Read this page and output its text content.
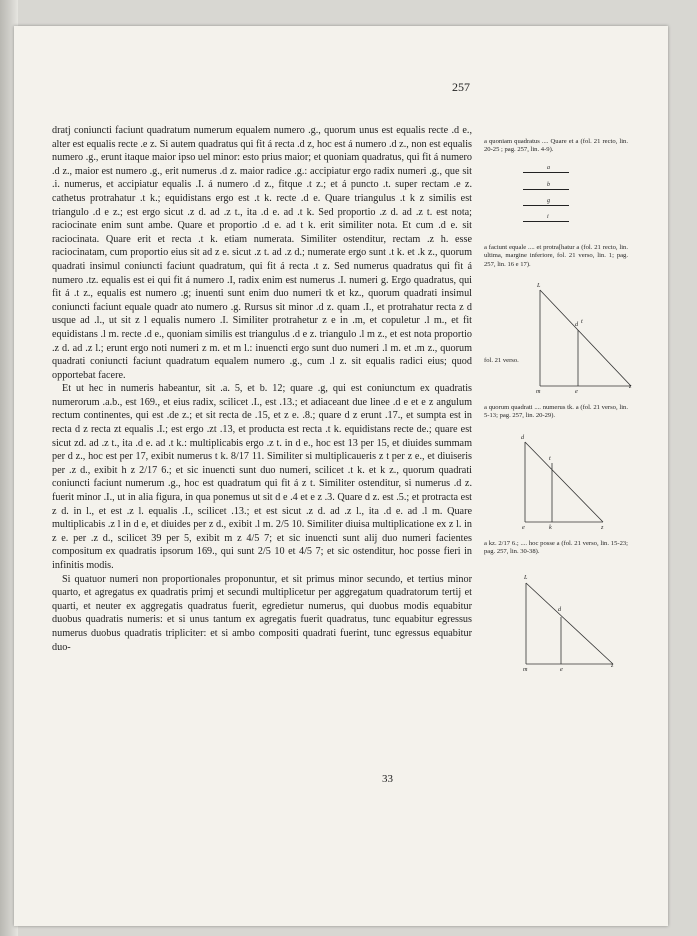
257

dratj coniuncti faciunt quadratum numerum equalem numero .g., quorum unus est equalis recte .d e., alter est equalis recte .e z. Si autem quadratus qui fit á recta .d z, hoc est á numero .d z., non est equalis numero .g., erunt itaque maior ipso uel minor: esto prius maior; et quoniam quadratus, qui fit á numero .d z., maior est numero .g., erit numerus .d z. maior radice .g.: accipiatur ergo radix numeri .g., que sit .i. numerus, et accipiatur equalis .I. á numero .d z., fitque .t z.; et á puncto .t. super rectam .e z. cathetus protrahatur .t k.; equidistans ergo est .t k. recte .d e. Quare triangulus .t k z similis est triangulo .d e z.; est ergo sicut .z d. ad .z t., ita .d e. ad .t k. Sed proportio .z d. ad .z t. est nota; raciocinate enim sunt ambe. Quare et proportio .d e. ad t k. erit similiter nota. Et cum .d e. sit raciocinata. Quare erit et recta .t k. etiam numerata. Similiter ostenditur, rectam .z h. esse raciocinatam, cum proportio eius sit ad z e. sicut .z t. ad .z d.; numerate ergo sunt .t k. et .k z., quorum quadrati insimul coniuncti faciunt quadratum, qui fit á recta .t z. Sed numerus quadratus qui fit á numero .tz. equalis est ei qui fit á numero .I, radix enim est numerus .I. numeri g. Ergo quadratus, qui fit á .t z., equalis est numero .g; inuenti sunt enim duo numeri tk et kz., quorum quadrati insimul coniuncti faciunt equale quadr ato numero .g. Rursus sit minor .d z. quam .I., et protrahatur recta z d usque ad .l., ut sit z l equalis numero .I. Similiter protrahetur z e in .m, et copuletur .l m., et fit equidistans .l m. recte .d e., quoniam similis est triangulus .d e z. triangulo .l m z., et est nota proportio .z d. ad .z l.; erunt ergo noti numeri z m. et m l.: inuencti ergo sunt duo numeri .l m. et .m z., quorum quadrati coniuncti faciunt quadratum equalem numero .g., cum .l z. sit equalis radici eius; quod opportebat facere.

Et ut hec in numeris habeantur, sit .a. 5, et b. 12; quare .g, qui est coniunctum ex quadratis numerorum .a.b., est 169., et eius radix, scilicet .I., est .13.; et adiaceant due linee .d e et e z angulum rectum continentes, qui est .de z.; et sit recta de .15, et z e. .8.; quare d z erunt .17., et sumpta est in recta d z recta zt equalis .I.; est ergo .zt .13, et producta est recta .t k. equidistans recte de.; quare est sicut zd. ad .z t., ita .d e. ad .t k.: multiplicabis ergo .z t. in d e., hoc est 13 per 15, et diuides summam per d z., hoc est per 17, exibit numerus t k. 8/17 11. Similiter si multiplicaueris z t per z e., et diuiseris per .z d., exibit h z 2/17 6.; et sic inuencti sunt duo numeri, scilicet .t k. et k z., quorum quadrati coniuncti faciunt numerum .g., hoc est quadratum qui fit á z t. Similiter ostenditur, si numerus .d z. fuerit minor .I., ut in alia figura, in qua ponemus ut sit d e .4 et e z .3. Quare d z. est .5.; et protracta est z d. in l., et est .z l. equalis .I., scilicet .13.; et est sicut .z d. ad .z l., ita .d e. ad .l m. Quare multiplicabis .z l in d e, et diuides per z d., exibit .l m. 2/5 10. Similiter diuisa multiplicatione ex z l. in z e. per .z d., scilicet 39 per 5, exibit m z 4/5 7; et sic inuencti sunt alij duo numeri facientes compositum ex quadratis ipsorum 169., qui sunt 2/5 10 et 4/5 7; et sic ostenditur, hoc posse fieri in infinitis modis.

Si quatuor numeri non proportionales proponuntur, et sit primus minor secundo, et tertius minor quarto, et agregatus ex quadratis primj et secundi multiplicetur per aggregatum quadratorum tertij et quarti, et neuter ex aggregatis quadratus fuerit, egredietur numerus, qui duobus modis equabitur duobus quadratis numeris: et si unus tantum ex agregatis fuerit quadratus, tunc equabitur egressus numerus duobus quadratis tripliciter: et si ambo compositi quadrati fuerint, tunc egressus equabitur duo-

33
a quoniam quadratus .... Quare et a (fol. 21 recto, lin. 20-25 ; pag. 257, lin. 4-9).
a
b
g
i
a faciunt equale .... et protra[hatur a (fol. 21 recto, lin. ultima, margine inferiore, fol. 21 verso, lin. 1; pag. 257, lin. 16 e 17).
L
d t
m	e
z
fol. 21 verso.
a quorum quadrati .... numerus tk. a (fol. 21 verso, lin. 5-13; pag. 257, lin. 20-29).
d
t
e	k	z
a kz. 2/17 6.; .... hoc posse a (fol. 21 verso, lin. 15-23; pag. 257, lin. 30-38).
L
d
m	e
z
